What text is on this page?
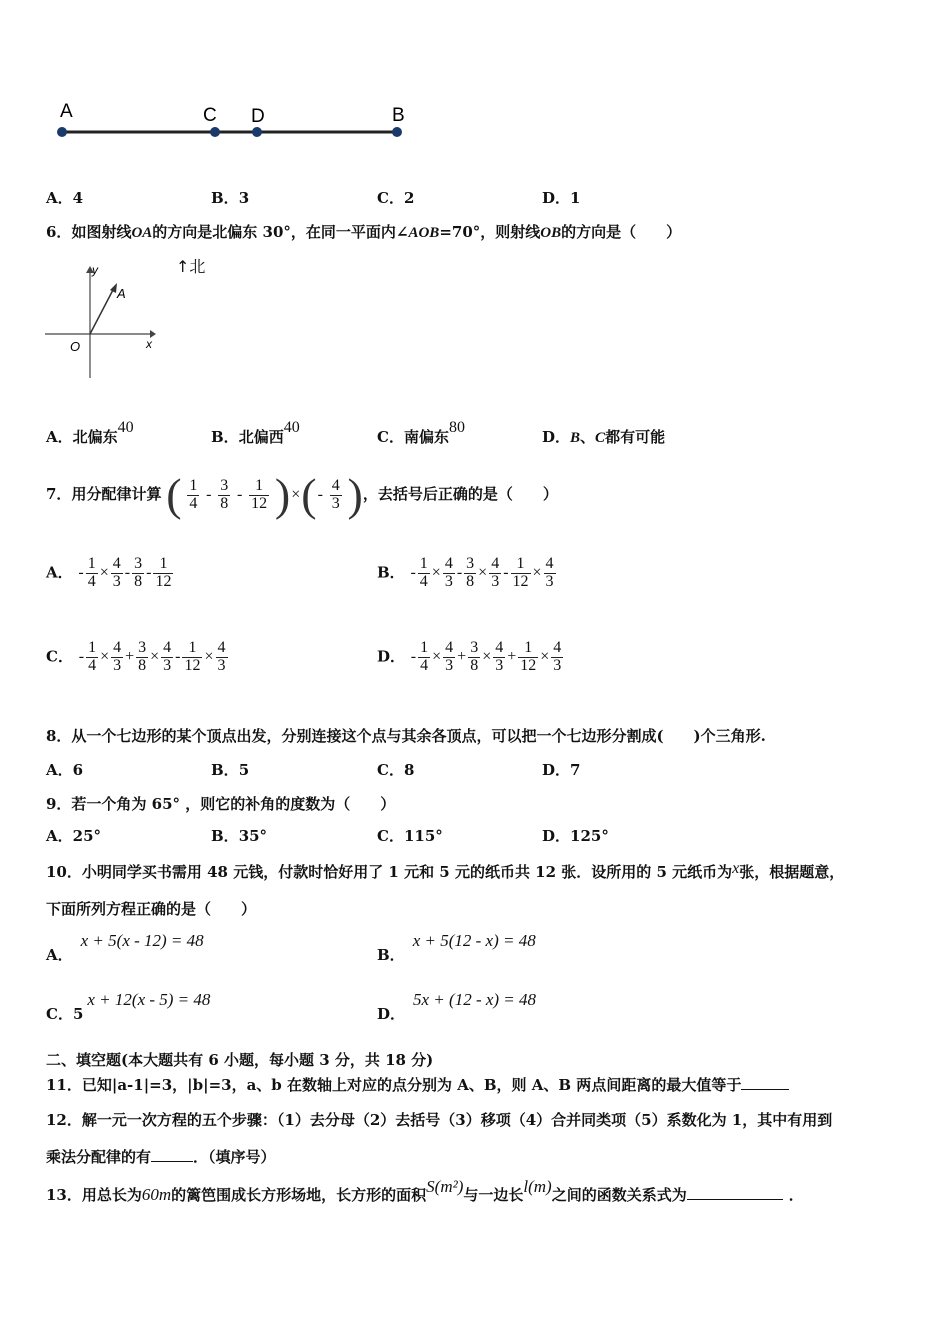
A	C D	B
A．4	B．3	C．2	D．1
6．如图射线OA的方向是北偏东 30°，在同一平面内∠AOB=70°，则射线OB的方向是（　　）
y
x
O
A
↑北
A．北偏东40
B．北偏西40
C．南偏东80
D．B、C都有可能
7．用分配律计算 ( $\frac{1}{4} - \frac{3}{8} - \frac{1}{12}$ )×(- $\frac{4}{3}$ )，去括号后正确的是（　　）
A． - $\frac{1}{4} \times \frac{4}{3} - \frac{3}{8} - \frac{1}{12}$	B． - $\frac{1}{4} \times \frac{4}{3} - \frac{3}{8} \times \frac{4}{3} - \frac{1}{12} \times \frac{4}{3}$
C． - $\frac{1}{4} \times \frac{4}{3} + \frac{3}{8} \times \frac{4}{3} - \frac{1}{12} \times \frac{4}{3}$	D． - $\frac{1}{4} \times \frac{4}{3} + \frac{3}{8} \times \frac{4}{3} + \frac{1}{12} \times \frac{4}{3}$
8．从一个七边形的某个顶点出发，分别连接这个点与其余各顶点，可以把一个七边形分割成(　　)个三角形.
A．6	B．5	C．8	D．7
9．若一个角为 65° ，则它的补角的度数为（　　）
A．25°	B．35°	C．115°	D．125°
10．小明同学买书需用 48 元钱，付款时恰好用了 1 元和 5 元的纸币共 12 张．设所用的 5 元纸币为x张，根据题意，
下面所列方程正确的是（　　）
A．x + 5(x - 12) = 48
B．x + 5(12 - x) = 48
C．5x + 12(x - 5) = 48
D．5x + (12 - x) = 48
二、填空题(本大题共有 6 小题，每小题 3 分，共 18 分)
11．已知|a-1|=3，|b|=3，a、b 在数轴上对应的点分别为 A、B，则 A、B 两点间距离的最大值等于
12．解一元一次方程的五个步骤：（1）去分母（2）去括号（3）移项（4）合并同类项（5）系数化为 1，其中有用到
乘法分配律的有	．（填序号）
13．用总长为60m的篱笆围成长方形场地，长方形的面积S(m²)与一边长l(m)之间的函数关系式为	．
